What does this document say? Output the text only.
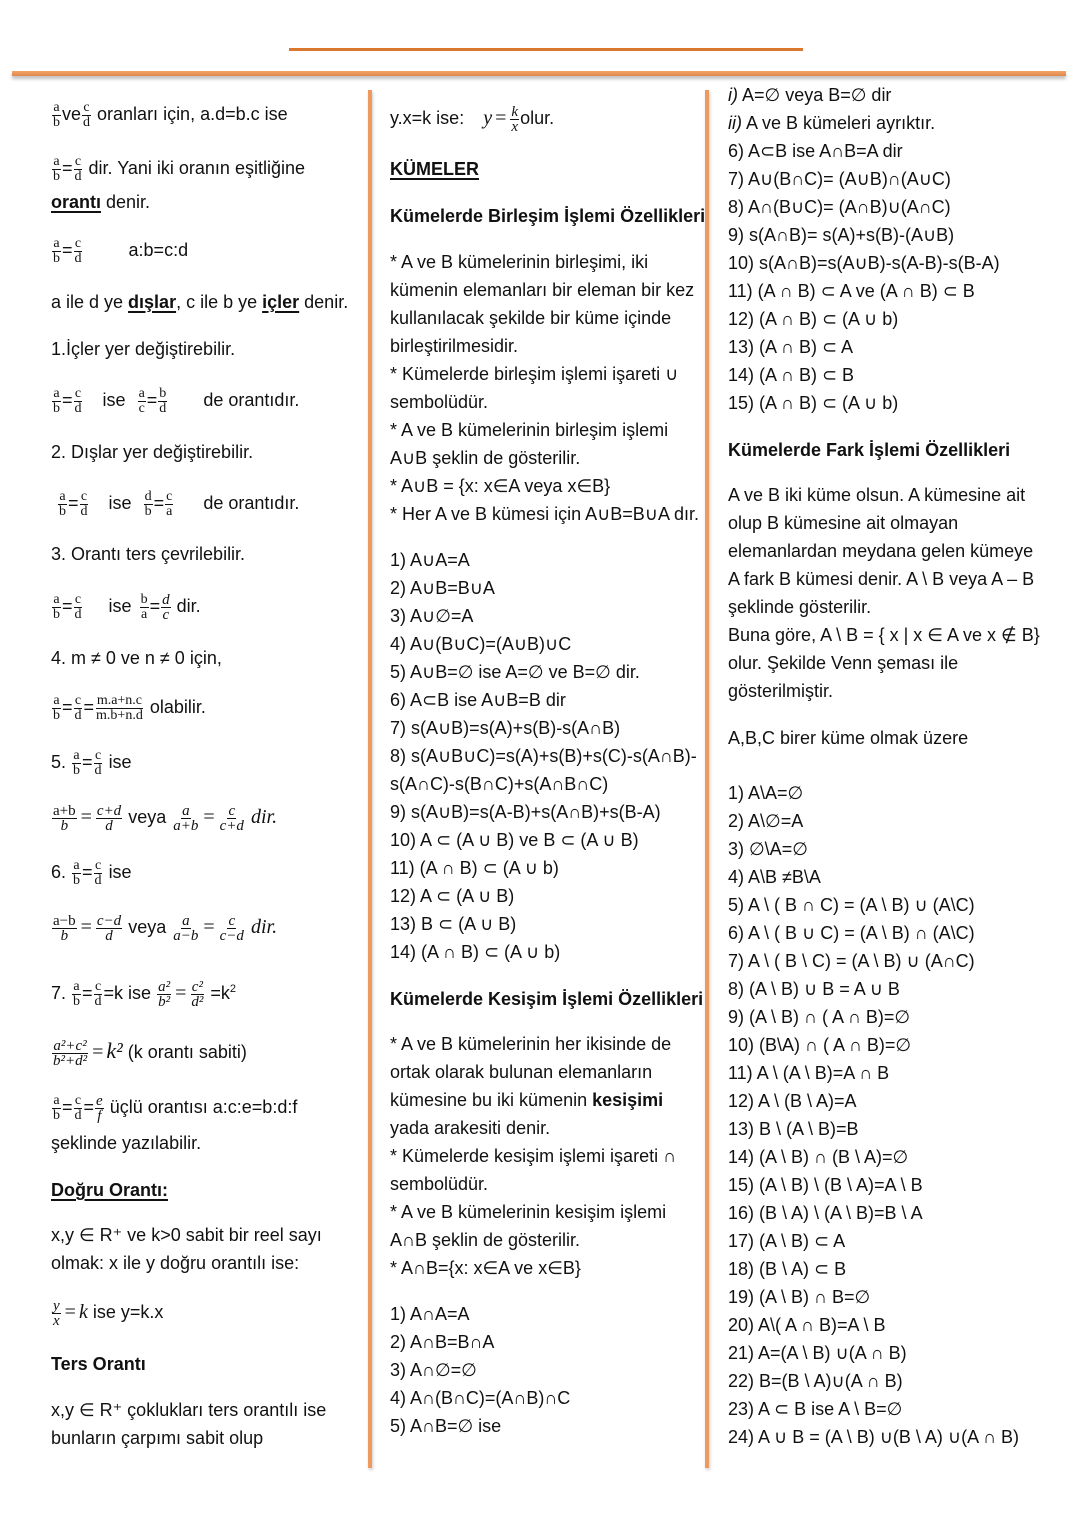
$\frac{a}{b}$ ve $\frac{c}{d}$ oranları için, a.d=b.c ise
$\frac{a}{b} = \frac{c}{d}$ dir. Yani iki oranın eşitliğine
orantı denir.
$\frac{a}{b} = \frac{c}{d}$	a:b=c:d
a ile d ye dışlar, c ile b ye içler denir.
1.İçler yer değiştirebilir.
$\frac{a}{b} = \frac{c}{d}$ ise $\frac{a}{c} = \frac{b}{d}$ de orantıdır.
2. Dışlar yer değiştirebilir.
$\frac{a}{b} = \frac{c}{d}$ ise $\frac{d}{b} = \frac{c}{a}$ de orantıdır.
3. Orantı ters çevrilebilir.
$\frac{a}{b} = \frac{c}{d}$ ise $\frac{b}{a} = \frac{d}{c}$ dir.
4. m ≠ 0 ve n ≠ 0 için,
$\frac{a}{b} = \frac{c}{d} = \frac{m.a+n.c}{m.b+n.d}$ olabilir.
5. $\frac{a}{b} = \frac{c}{d}$ ise
$\frac{a+b}{b} = \frac{c+d}{d}$ veya $\frac{a}{a+b} = \frac{c}{c+d}$ dir.
6. $\frac{a}{b} = \frac{c}{d}$ ise
$\frac{a-b}{b} = \frac{c-d}{d}$ veya $\frac{a}{a-b} = \frac{c}{c-d}$ dir.
7. $\frac{a}{b} = \frac{c}{d} =k$ ise $\frac{\text{a²}}{\text{b²}} = \frac{\text{c²}}{\text{d²}} =k^2$
$\frac{\text{a²+c²}}{\text{b²+d²}} = k^2$ (k orantı sabiti)
$\frac{a}{b} = \frac{c}{d} = \frac{e}{f}$ üçlü orantısı a:c:e=b:d:f
şeklinde yazılabilir.
Doğru Orantı:
x,y ∈ R⁺ ve k>0 sabit bir reel sayı
olmak: x ile y doğru orantılı ise:
$\frac{y}{x} = k$ ise y=k.x
Ters Orantı
x,y ∈ R⁺ çoklukları ters orantılı ise
bunların çarpımı sabit olup
y.x=k ise: $y = \frac{k}{x}$ olur.
KÜMELER
Kümelerde Birleşim İşlemi Özellikleri
* A ve B kümelerinin birleşimi, iki
kümenin elemanları bir eleman bir kez
kullanılacak şekilde bir küme içinde
birleştirilmesidir.
* Kümelerde birleşim işlemi işareti ∪
sembolüdür.
* A ve B kümelerinin birleşim işlemi
A∪B şeklin de gösterilir.
* A∪B = {x: x∈A veya x∈B}
* Her A ve B kümesi için A∪B=B∪A dır.
1) A∪A=A
2) A∪B=B∪A
3) A∪∅=A
4) A∪(B∪C)=(A∪B)∪C
5) A∪B=∅ ise A=∅ ve B=∅ dir.
6) A⊂B ise A∪B=B dir
7) s(A∪B)=s(A)+s(B)-s(A∩B)
8) s(A∪B∪C)=s(A)+s(B)+s(C)-s(A∩B)-
s(A∩C)-s(B∩C)+s(A∩B∩C)
9) s(A∪B)=s(A-B)+s(A∩B)+s(B-A)
10) A ⊂ (A ∪ B) ve B ⊂ (A ∪ B)
11) (A ∩ B) ⊂ (A ∪ b)
12) A ⊂ (A ∪ B)
13) B ⊂ (A ∪ B)
14) (A ∩ B) ⊂ (A ∪ b)
Kümelerde Kesişim İşlemi Özellikleri
* A ve B kümelerinin her ikisinde de
ortak olarak bulunan elemanların
kümesine bu iki kümenin kesişimi
yada arakesiti denir.
* Kümelerde kesişim işlemi işareti ∩
sembolüdür.
* A ve B kümelerinin kesişim işlemi
A∩B şeklin de gösterilir.
* A∩B={x: x∈A ve x∈B}
1) A∩A=A
2) A∩B=B∩A
3) A∩∅=∅
4) A∩(B∩C)=(A∩B)∩C
5) A∩B=∅ ise
i) A=∅ veya B=∅ dir
ii) A ve B kümeleri ayrıktır.
6) A⊂B ise A∩B=A dir
7) A∪(B∩C)= (A∪B)∩(A∪C)
8) A∩(B∪C)= (A∩B)∪(A∩C)
9) s(A∩B)= s(A)+s(B)-(A∪B)
10) s(A∩B)=s(A∪B)-s(A-B)-s(B-A)
11) (A ∩ B) ⊂ A ve (A ∩ B) ⊂ B
12) (A ∩ B) ⊂ (A ∪ b)
13) (A ∩ B) ⊂ A
14) (A ∩ B) ⊂ B
15) (A ∩ B) ⊂ (A ∪ b)
Kümelerde Fark İşlemi Özellikleri
A ve B iki küme olsun. A kümesine ait
olup B kümesine ait olmayan
elemanlardan meydana gelen kümeye
A fark B kümesi denir. A \ B veya A – B
şeklinde gösterilir.
Buna göre, A \ B = { x | x ∈ A ve x ∉ B}
olur. Şekilde Venn şeması ile
gösterilmiştir.
A,B,C birer küme olmak üzere
1) A\A=∅
2) A\∅=A
3) ∅\A=∅
4) A\B ≠B\A
5) A \ ( B ∩ C) = (A \ B) ∪ (A\C)
6) A \ ( B ∪ C) = (A \ B) ∩ (A\C)
7) A \ ( B \ C) = (A \ B) ∪ (A∩C)
8) (A \ B) ∪ B = A ∪ B
9) (A \ B) ∩ ( A ∩ B)=∅
10) (B\A) ∩ ( A ∩ B)=∅
11) A \ (A \ B)=A ∩ B
12) A \ (B \ A)=A
13) B \ (A \ B)=B
14) (A \ B) ∩ (B \ A)=∅
15) (A \ B) \ (B \ A)=A \ B
16) (B \ A) \ (A \ B)=B \ A
17) (A \ B) ⊂ A
18) (B \ A) ⊂ B
19) (A \ B) ∩ B=∅
20) A\( A ∩ B)=A \ B
21) A=(A \ B) ∪(A ∩ B)
22) B=(B \ A)∪(A ∩ B)
23) A ⊂ B ise A \ B=∅
24) A ∪ B = (A \ B) ∪(B \ A) ∪(A ∩ B)
